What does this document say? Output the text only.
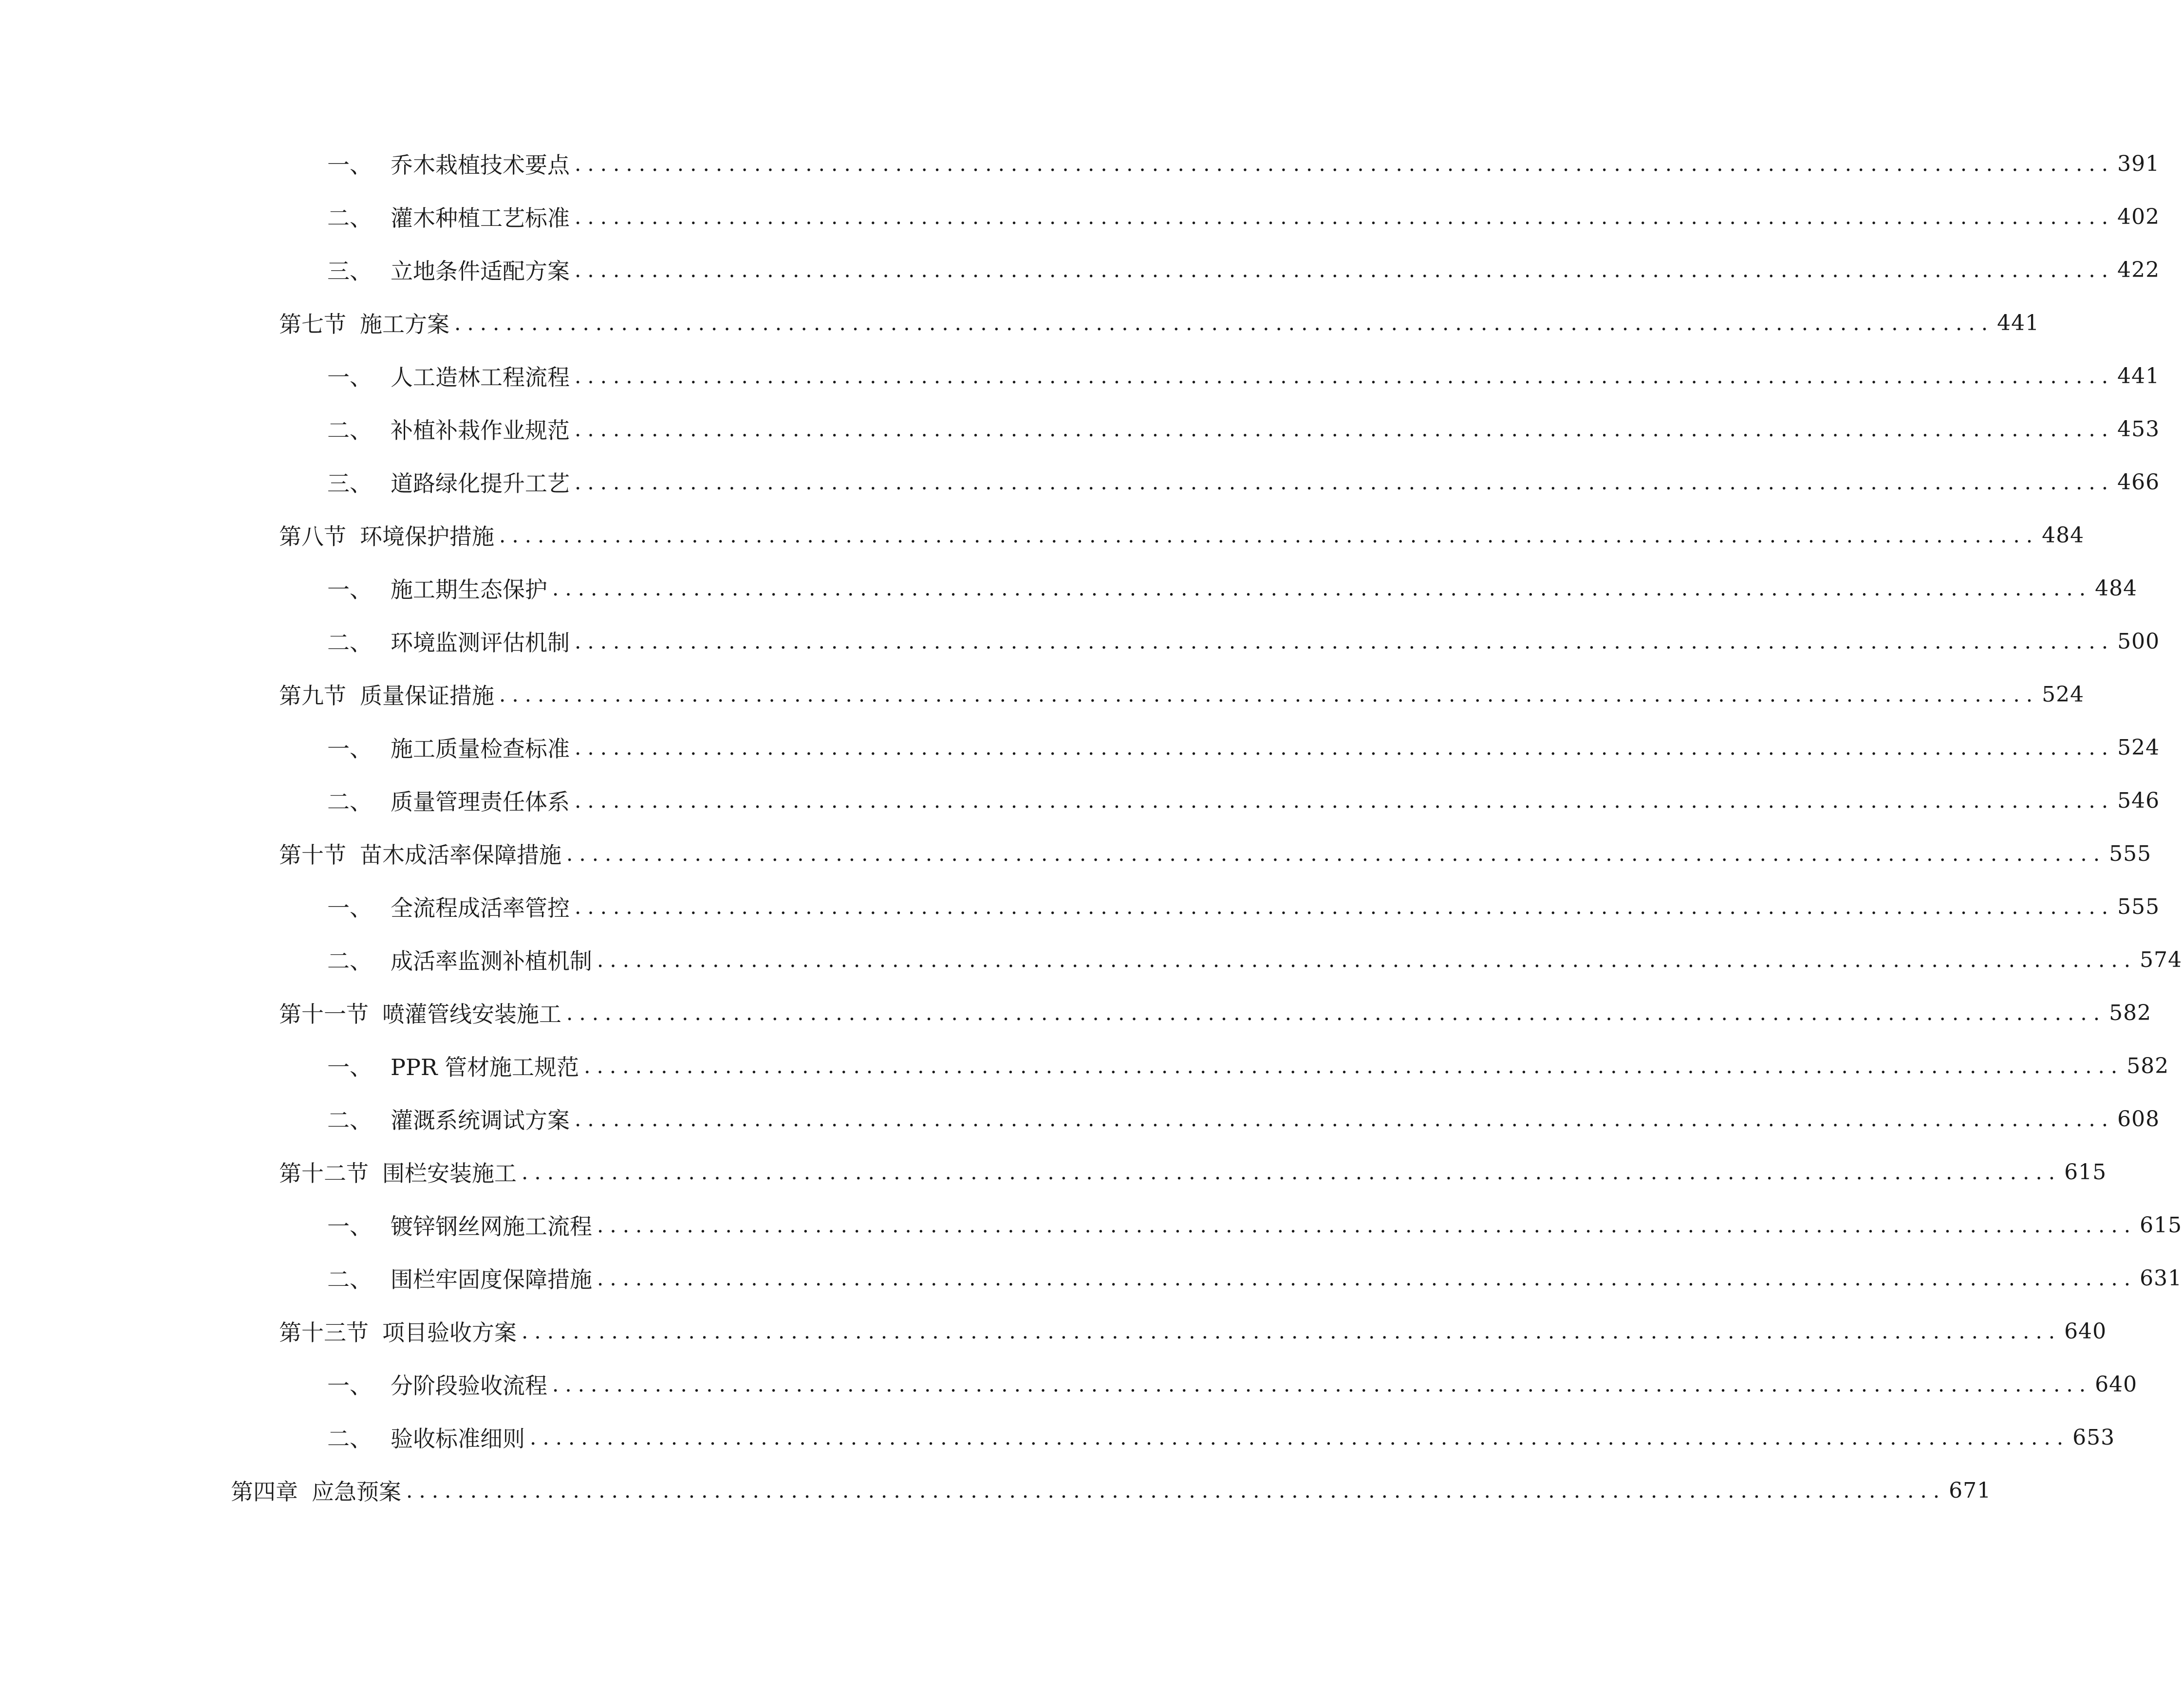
一、 乔木栽植技术要点 ........................................................................................................................ 391
二、 灌木种植工艺标准 ........................................................................................................................ 402
三、 立地条件适配方案 ........................................................................................................................ 422
第七节 施工方案 ........................................................................................................................ 441
一、 人工造林工程流程 ........................................................................................................................ 441
二、 补植补栽作业规范 ........................................................................................................................ 453
三、 道路绿化提升工艺 ........................................................................................................................ 466
第八节 环境保护措施 ........................................................................................................................ 484
一、 施工期生态保护 ........................................................................................................................ 484
二、 环境监测评估机制 ........................................................................................................................ 500
第九节 质量保证措施 ........................................................................................................................ 524
一、 施工质量检查标准 ........................................................................................................................ 524
二、 质量管理责任体系 ........................................................................................................................ 546
第十节 苗木成活率保障措施 ........................................................................................................................ 555
一、 全流程成活率管控 ........................................................................................................................ 555
二、 成活率监测补植机制 ........................................................................................................................ 574
第十一节 喷灌管线安装施工 ........................................................................................................................ 582
一、 PPR 管材施工规范 ........................................................................................................................ 582
二、 灌溉系统调试方案 ........................................................................................................................ 608
第十二节 围栏安装施工 ........................................................................................................................ 615
一、 镀锌钢丝网施工流程 ........................................................................................................................ 615
二、 围栏牢固度保障措施 ........................................................................................................................ 631
第十三节 项目验收方案 ........................................................................................................................ 640
一、 分阶段验收流程 ........................................................................................................................ 640
二、 验收标准细则 ........................................................................................................................ 653
第四章 应急预案 ........................................................................................................................ 671
